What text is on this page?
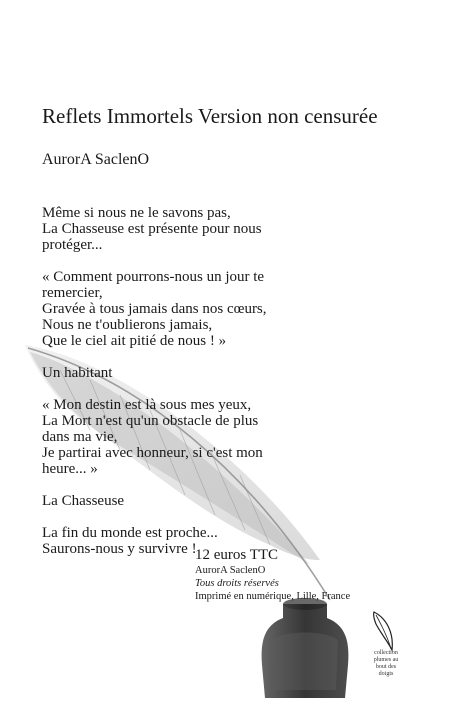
Reflets Immortels Version non censurée
AurorA SaclenO
Même si nous ne le savons pas,
La Chasseuse est présente pour nous
protéger...
« Comment pourrons-nous un jour te
remercier,
Gravée à tous jamais dans nos cœurs,
Nous ne t'oublierons jamais,
Que le ciel ait pitié de nous ! »
Un habitant
« Mon destin est là sous mes yeux,
La Mort n'est qu'un obstacle de plus
dans ma vie,
Je partirai avec honneur, si c'est mon
heure... »
La Chasseuse
La fin du monde est proche...
Saurons-nous y survivre !
12 euros TTC
AurorA SaclenO
Tous droits réservés
Imprimé en numérique, Lille, France
collection
plumes au
bout des
doigts
